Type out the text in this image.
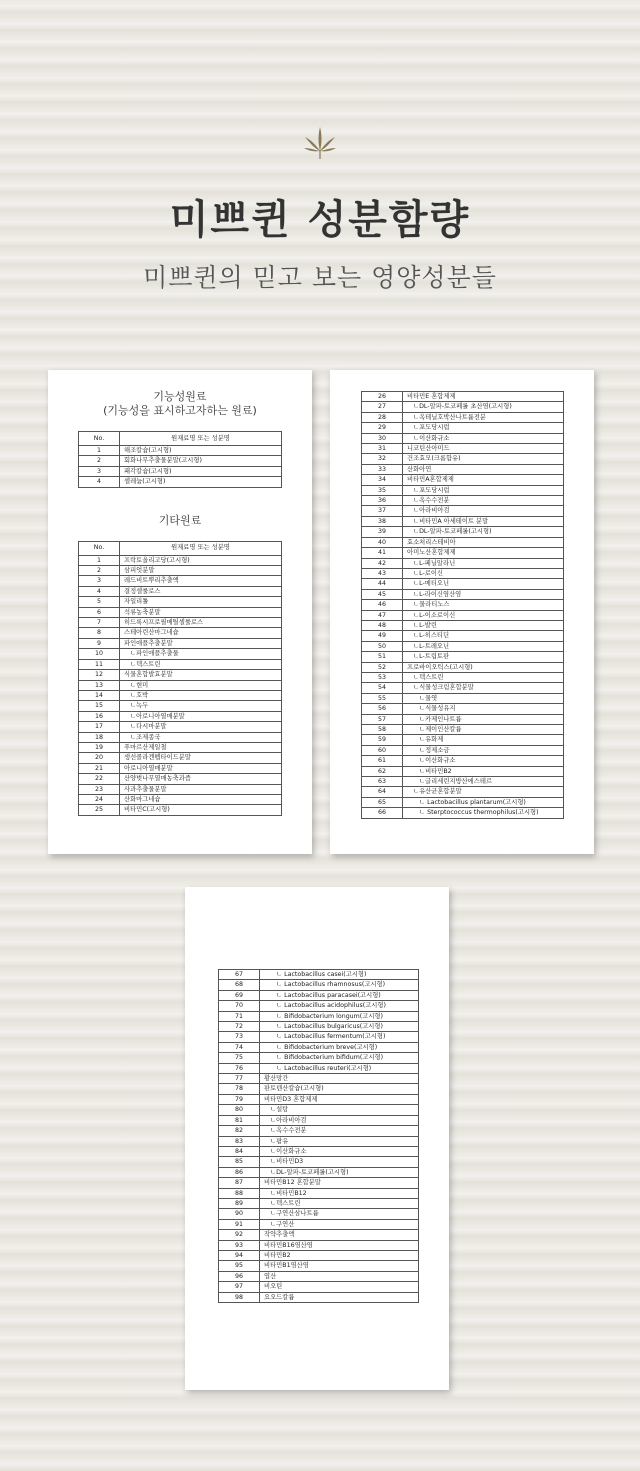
미쁘퀸 성분함량
미쁘퀸의 믿고 보는 영양성분들
기능성원료
(기능성을 표시하고자하는 원료)
No.	원재료명 또는 성분명
1	해조칼슘(고시형)
2	회화나무추출물분말(고시형)
3	패각칼슘(고시형)
4	셀레늄(고시형)
기타원료
No.	원재료명 또는 성분명
1	프락토올리고당(고시형)
2	삼피엇분말
3	레드비트뿌리추출액
4	결정셀룰로스
5	자일리톨
6	석류농축분말
7	히드록시프로필메틸셀룰로스
8	스테아린산마그네슘
9	파인애플추출분말
10	ㄴ파인애플추출물
11	ㄴ덱스트린
12	식물혼합발효분말
13	ㄴ현미
14	ㄴ호박
15	ㄴ녹두
16	ㄴ아로니아열매분말
17	ㄴ다시마분말
18	ㄴ조제종국
19	푸마르산제일철
20	생선콜라겐펩타이드분말
21	아로니아열매분말
22	산양벚나무열매농축과즙
23	사과추출물분말
24	산화마그네슘
25	비타민C(고시형)
26	비타민E 혼합제제
27	ㄴDL-알파-토코페롤 초산염(고시형)
28	ㄴ옥테닐호박산나트륨전분
29	ㄴ포도당시럽
30	ㄴ이산화규소
31	니코틴산아미드
32	건조효모(크롬함유)
33	산화아연
34	비타민A혼합제제
35	ㄴ포도당시럽
36	ㄴ옥수수전분
37	ㄴ아라비아검
38	ㄴ비타민A 아세테이트 분말
39	ㄴDL-알파-토코페롤(고시형)
40	효소처리스테비아
41	아미노산혼합제제
42	ㄴL-페닐알라닌
43	ㄴL-로이신
44	ㄴL-메티오닌
45	ㄴL-라이신염산염
46	ㄴ물라티노스
47	ㄴL-이소로이신
48	ㄴL-발린
49	ㄴL-히스티딘
50	ㄴL-트레오닌
51	ㄴL-트립토판
52	프로바이오틱스(고시형)
53	ㄴ덱스트린
54	ㄴ식물성크림혼합분말
55	ㄴ물엿
56	ㄴ식물성유지
57	ㄴ카제인나트륨
58	ㄴ제이인산칼륨
59	ㄴ유화제
60	ㄴ정제소금
61	ㄴ이산화규소
62	ㄴ비타민B2
63	ㄴ글리세린지방산에스테르
64	ㄴ유산균혼합분말
65	ㄴ Lactobacillus plantarum(고시형)
66	ㄴ Sterptococcus thermophilus(고시형)
67	ㄴ Lactobacillus casei(고시형)
68	ㄴ Lactobacillus rhamnosus(고시형)
69	ㄴ Lactobacillus paracasei(고시형)
70	ㄴ Lactobacillus acidophilus(고시형)
71	ㄴ Bifidobacterium longum(고시형)
72	ㄴ Lactobacillus bulgaricus(고시형)
73	ㄴ Lactobacillus fermentum(고시형)
74	ㄴ Bifidobacterium breve(고시형)
75	ㄴ Bifidobacterium bifidum(고시형)
76	ㄴ Lactobacillus reuteri(고시형)
77	황산망간
78	판토텐산칼슘(고시형)
79	비타민D3 혼합제제
80	ㄴ설탕
81	ㄴ아라비아검
82	ㄴ옥수수전분
83	ㄴ팜유
84	ㄴ이산화규소
85	ㄴ비타민D3
86	ㄴDL-알파-토코페롤(고시형)
87	비타민B12 혼합분말
88	ㄴ비타민B12
89	ㄴ덱스트린
90	ㄴ구연산삼나트륨
91	ㄴ구연산
92	작약추출액
93	비타민B16염산염
94	비타민B2
95	비타민B1염산염
96	엽산
97	비오틴
98	요오드칼륨
